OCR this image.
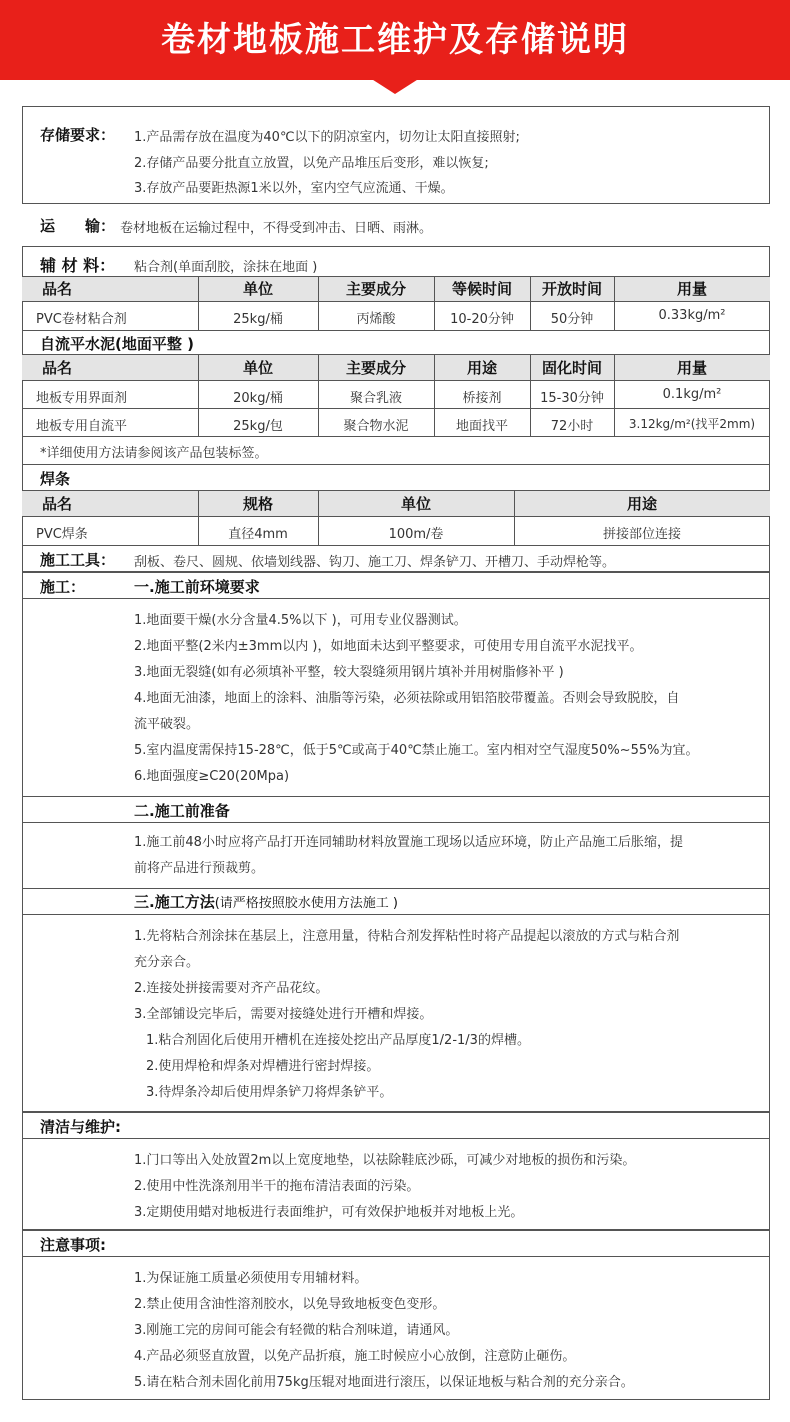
卷材地板施工维护及存储说明
存储要求： 1.产品需存放在温度为40℃以下的阴凉室内，切勿让太阳直接照射;
2.存储产品要分批直立放置，以免产品堆压后变形，难以恢复;
3.存放产品要距热源1米以外，室内空气应流通、干燥。
运　　输： 卷材地板在运输过程中，不得受到冲击、日晒、雨淋。
辅 材 料： 粘合剂(单面刮胶，涂抹在地面 )
品名	单位	主要成分	等候时间	开放时间	用量
PVC卷材粘合剂	25kg/桶	丙烯酸	10-20分钟	50分钟	0.33kg/m²
自流平水泥(地面平整 )
品名	单位	主要成分	用途	固化时间	用量
地板专用界面剂	20kg/桶	聚合乳液	桥接剂	15-30分钟	0.1kg/m²
地板专用自流平	25kg/包	聚合物水泥	地面找平	72小时	3.12kg/m²(找平2mm)
*详细使用方法请参阅该产品包装标签。
焊条
品名	规格	单位	用途
PVC焊条	直径4mm	100m/卷	拼接部位连接
施工工具： 刮板、卷尺、圆规、依墙划线器、钩刀、施工刀、焊条铲刀、开槽刀、手动焊枪等。
施工：	一.施工前环境要求
1.地面要干燥(水分含量4.5%以下 )，可用专业仪器测试。
2.地面平整(2米内±3mm以内 )，如地面未达到平整要求，可使用专用自流平水泥找平。
3.地面无裂缝(如有必须填补平整，较大裂缝须用钢片填补并用树脂修补平 )
4.地面无油漆，地面上的涂料、油脂等污染，必须祛除或用铝箔胶带覆盖。否则会导致脱胶，自
流平破裂。
5.室内温度需保持15-28℃，低于5℃或高于40℃禁止施工。室内相对空气湿度50%~55%为宜。
6.地面强度≥C20(20Mpa)
二.施工前准备
1.施工前48小时应将产品打开连同辅助材料放置施工现场以适应环境，防止产品施工后胀缩，提
前将产品进行预裁剪。
三.施工方法(请严格按照胶水使用方法施工 )
1.先将粘合剂涂抹在基层上，注意用量，待粘合剂发挥粘性时将产品提起以滚放的方式与粘合剂
充分亲合。
2.连接处拼接需要对齐产品花纹。
3.全部铺设完毕后，需要对接缝处进行开槽和焊接。
1.粘合剂固化后使用开槽机在连接处挖出产品厚度1/2-1/3的焊槽。
2.使用焊枪和焊条对焊槽进行密封焊接。
3.待焊条冷却后使用焊条铲刀将焊条铲平。
清洁与维护:
1.门口等出入处放置2m以上宽度地垫，以祛除鞋底沙砾，可减少对地板的损伤和污染。
2.使用中性洗涤剂用半干的拖布清洁表面的污染。
3.定期使用蜡对地板进行表面维护，可有效保护地板并对地板上光。
注意事项:
1.为保证施工质量必须使用专用辅材料。
2.禁止使用含油性溶剂胶水，以免导致地板变色变形。
3.刚施工完的房间可能会有轻微的粘合剂味道，请通风。
4.产品必须竖直放置，以免产品折痕，施工时候应小心放倒，注意防止砸伤。
5.请在粘合剂未固化前用75kg压辊对地面进行滚压，以保证地板与粘合剂的充分亲合。
